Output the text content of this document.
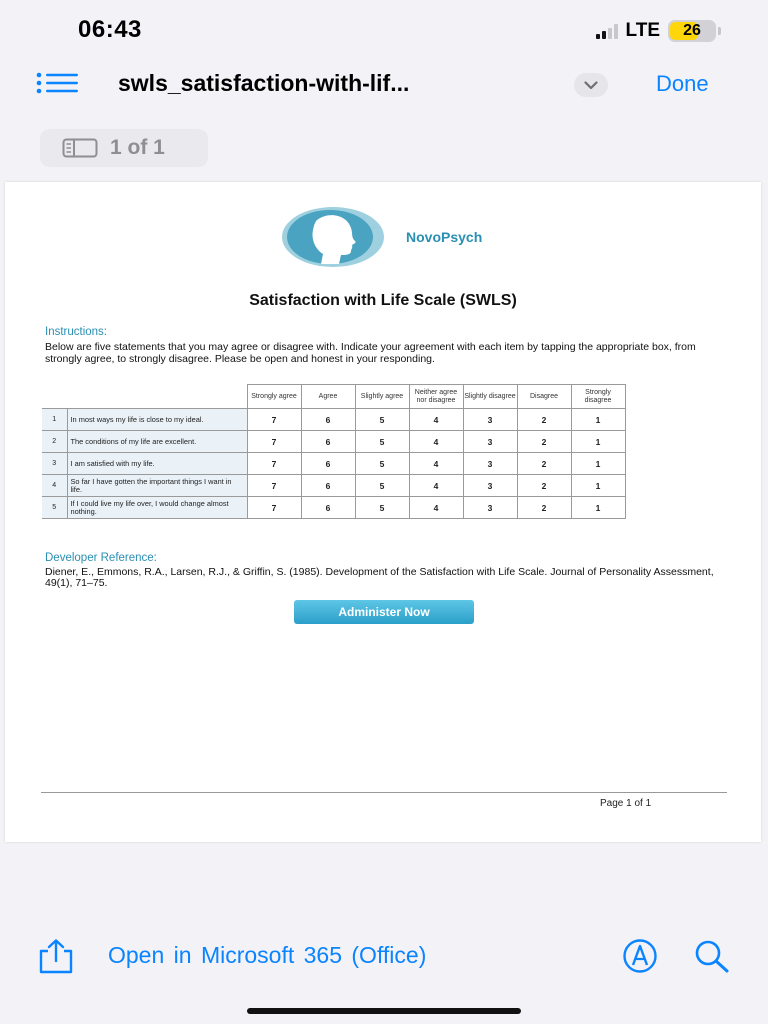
06:43	LTE	26
swls_satisfaction-with-lif...	Done
1 of 1
NovoPsych
Satisfaction with Life Scale (SWLS)
Instructions:
Below are five statements that you may agree or disagree with. Indicate your agreement with each item by tapping the appropriate box, from strongly agree, to strongly disagree. Please be open and honest in your responding.
		Strongly agree	Agree	Slightly agree	Neither agree nor disagree	Slightly disagree	Disagree	Strongly disagree
1	In most ways my life is close to my ideal.	7	6	5	4	3	2	1
2	The conditions of my life are excellent.	7	6	5	4	3	2	1
3	I am satisfied with my life.	7	6	5	4	3	2	1
4	So far I have gotten the important things I want in life.	7	6	5	4	3	2	1
5	If I could live my life over, I would change almost nothing.	7	6	5	4	3	2	1
Developer Reference:
Diener, E., Emmons, R.A., Larsen, R.J., & Griffin, S. (1985). Development of the Satisfaction with Life Scale. Journal of Personality Assessment, 49(1), 71–75.
Administer Now
Page 1 of 1
Open in Microsoft 365 (Office)
